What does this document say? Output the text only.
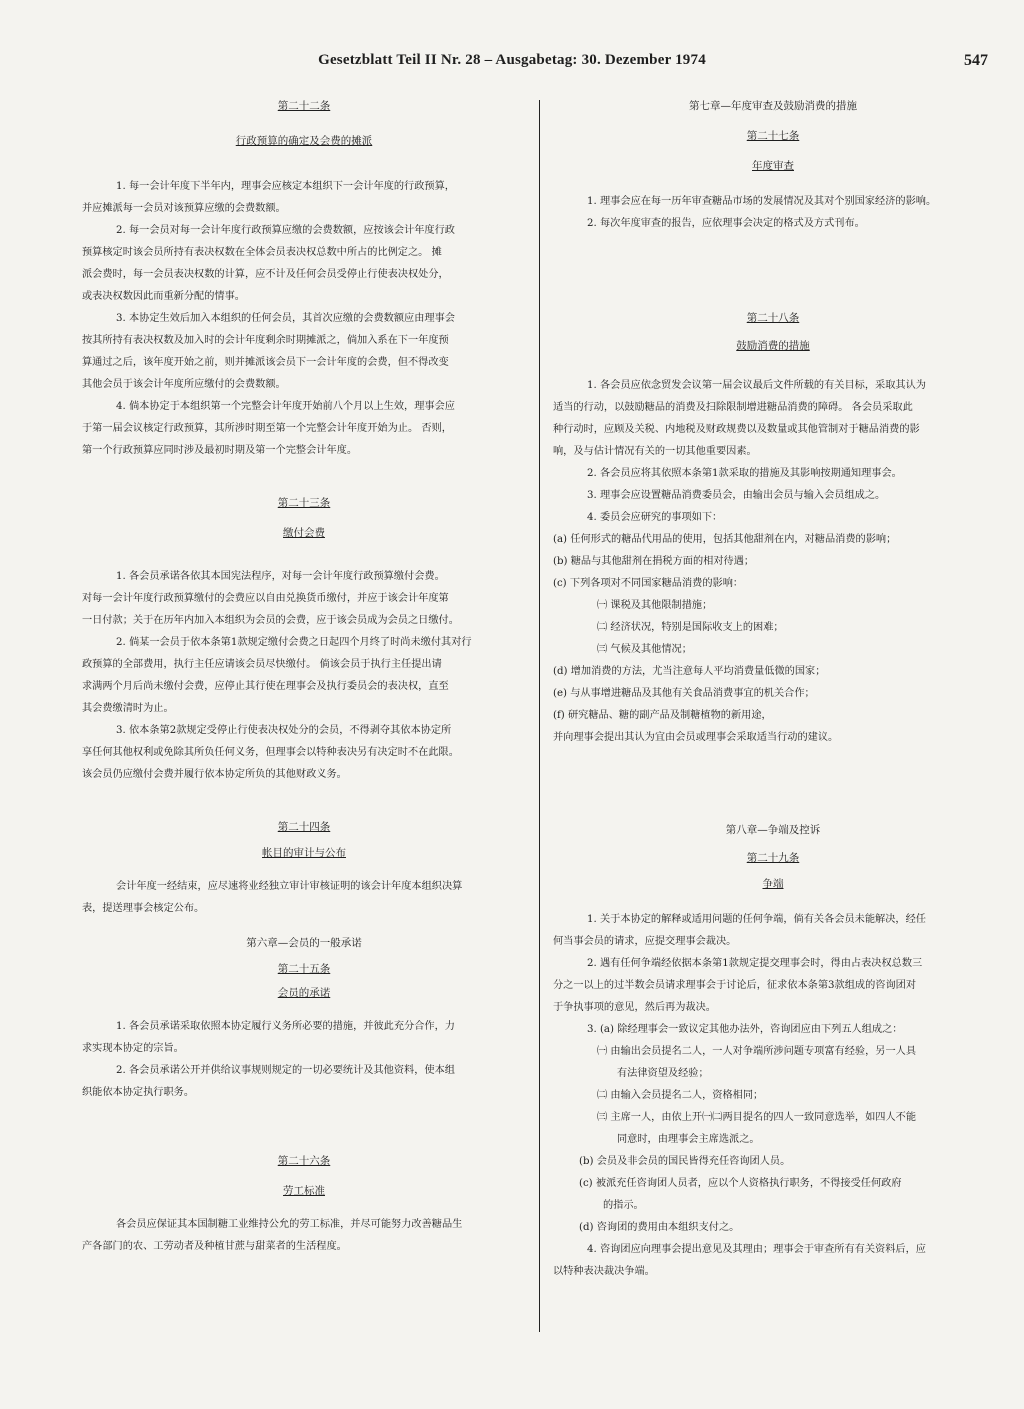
Gesetzblatt Teil II Nr. 28 – Ausgabetag: 30. Dezember 1974	547

第二十二条

行政预算的确定及会费的摊派

1. 每一会计年度下半年内，理事会应核定本组织下一会计年度的行政预算，

并应摊派每一会员对该预算应缴的会费数额。

2. 每一会员对每一会计年度行政预算应缴的会费数额，应按该会计年度行政

预算核定时该会员所持有表决权数在全体会员表决权总数中所占的比例定之。 摊

派会费时，每一会员表决权数的计算，应不计及任何会员受停止行使表决权处分，

或表决权数因此而重新分配的情事。

3. 本协定生效后加入本组织的任何会员，其首次应缴的会费数额应由理事会

按其所持有表决权数及加入时的会计年度剩余时期摊派之，倘加入系在下一年度预

算通过之后，该年度开始之前，则并摊派该会员下一会计年度的会费，但不得改变

其他会员于该会计年度所应缴付的会费数额。

4. 倘本协定于本组织第一个完整会计年度开始前八个月以上生效，理事会应

于第一届会议核定行政预算，其所涉时期至第一个完整会计年度开始为止。 否则，

第一个行政预算应同时涉及最初时期及第一个完整会计年度。

第二十三条

缴付会费

1. 各会员承诺各依其本国宪法程序，对每一会计年度行政预算缴付会费。

对每一会计年度行政预算缴付的会费应以自由兑换货币缴付，并应于该会计年度第

一日付款；关于在历年内加入本组织为会员的会费，应于该会员成为会员之日缴付。

2. 倘某一会员于依本条第1款规定缴付会费之日起四个月终了时尚未缴付其对行

政预算的全部费用，执行主任应请该会员尽快缴付。 倘该会员于执行主任提出请

求满两个月后尚未缴付会费，应停止其行使在理事会及执行委员会的表决权，直至

其会费缴清时为止。

3. 依本条第2款规定受停止行使表决权处分的会员，不得剥夺其依本协定所

享任何其他权利或免除其所负任何义务，但理事会以特种表决另有决定时不在此限。

该会员仍应缴付会费并履行依本协定所负的其他财政义务。

第二十四条

帐目的审计与公布

会计年度一经结束，应尽速将业经独立审计审核证明的该会计年度本组织决算

表，提送理事会核定公布。

第六章—会员的一般承诺

第二十五条

会员的承诺

1. 各会员承诺采取依照本协定履行义务所必要的措施，并彼此充分合作，力

求实现本协定的宗旨。

2. 各会员承诺公开并供给议事规则规定的一切必要统计及其他资料，使本组

织能依本协定执行职务。

第二十六条

劳工标准

各会员应保证其本国制糖工业维持公允的劳工标准，并尽可能努力改善糖品生

产各部门的农、工劳动者及种植甘蔗与甜菜者的生活程度。

第七章—年度审查及鼓励消费的措施

第二十七条

年度审查

1. 理事会应在每一历年审查糖品市场的发展情况及其对个别国家经济的影响。

2. 每次年度审查的报告，应依理事会决定的格式及方式刊布。

第二十八条

鼓励消费的措施

1. 各会员应依念贸发会议第一届会议最后文件所载的有关目标，采取其认为

适当的行动，以鼓励糖品的消费及扫除限制增进糖品消费的障碍。 各会员采取此

种行动时，应顾及关税、内地税及财政规费以及数量或其他管制对于糖品消费的影

响，及与估计情况有关的一切其他重要因素。

2. 各会员应将其依照本条第1款采取的措施及其影响按期通知理事会。

3. 理事会应设置糖品消费委员会，由输出会员与输入会员组成之。

4. 委员会应研究的事项如下：

(a) 任何形式的糖品代用品的使用，包括其他甜剂在内，对糖品消费的影响；

(b) 糖品与其他甜剂在捐税方面的相对待遇；

(c) 下列各项对不同国家糖品消费的影响：

㈠ 课税及其他限制措施；

㈡ 经济状况，特别是国际收支上的困难；

㈢ 气候及其他情况；

(d) 增加消费的方法，尤当注意每人平均消费量低微的国家；

(e) 与从事增进糖品及其他有关食品消费事宜的机关合作；

(f) 研究糖品、糖的副产品及制糖植物的新用途，

并向理事会提出其认为宜由会员或理事会采取适当行动的建议。

第八章—争端及控诉

第二十九条

争端

1. 关于本协定的解释或适用问题的任何争端，倘有关各会员未能解决，经任

何当事会员的请求，应提交理事会裁决。

2. 遇有任何争端经依据本条第1款规定提交理事会时，得由占表决权总数三

分之一以上的过半数会员请求理事会于讨论后，征求依本条第3款组成的咨询团对

于争执事项的意见，然后再为裁决。

3. (a) 除经理事会一致议定其他办法外，咨询团应由下列五人组成之：

㈠ 由输出会员提名二人，一人对争端所涉问题专项富有经验，另一人具

有法律资望及经验；

㈡ 由输入会员提名二人，资格相同；

㈢ 主席一人，由依上开㈠㈡两目提名的四人一致同意选举，如四人不能

同意时，由理事会主席选派之。

(b) 会员及非会员的国民皆得充任咨询团人员。

(c) 被派充任咨询团人员者，应以个人资格执行职务，不得接受任何政府

的指示。

(d) 咨询团的费用由本组织支付之。

4. 咨询团应向理事会提出意见及其理由；理事会于审查所有有关资料后，应

以特种表决裁决争端。
